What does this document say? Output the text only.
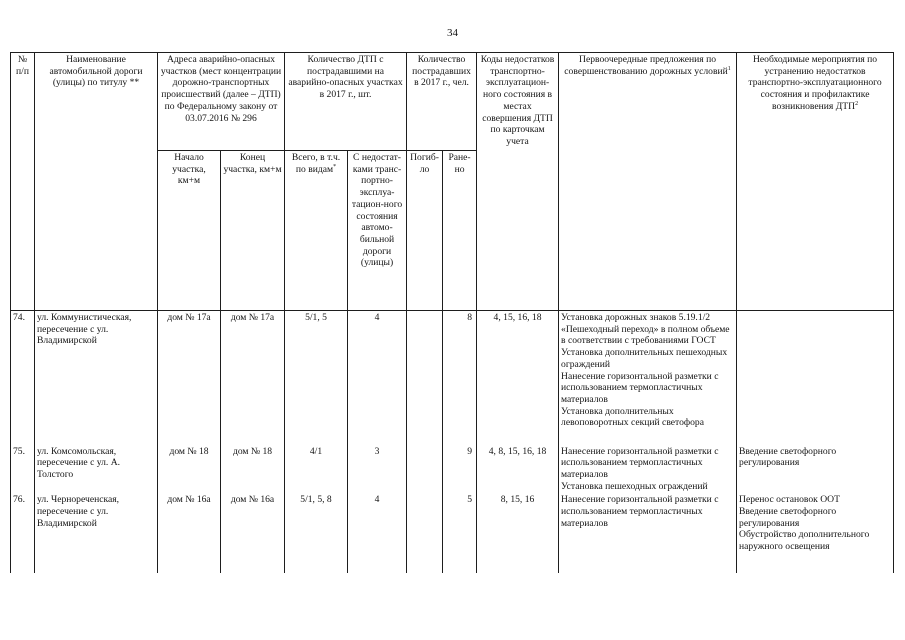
34
№ п/п	Наименование автомобильной дороги (улицы) по титулу **	Адреса аварийно-опасных участков (мест концентрации дорожно-транспортных происшествий (далее – ДТП) по Федеральному закону от 03.07.2016 № 296		Количество ДТП с пострадавшими на аварийно-опасных участках в 2017 г., шт.		Количество пострадавших в 2017 г., чел.		Коды недостатков транспортно-эксплуатацион-ного состояния в местах совершения ДТП по карточкам учета	Первоочередные предложения по совершенствованию дорожных условий$^1$	Необходимые мероприятия по устранению недостатков транспортно-эксплуатационного состояния и профилактике возникновения ДТП$^2$
		Начало участка, км+м	Конец участка, км+м	Всего, в т.ч. по видам*	С недостат-ками транс-портно-эксплуа-тацион-ного состояния автомо-бильной дороги (улицы)	Погиб-ло	Ране-но			
74.	ул. Коммунистическая, пересечение с ул. Владимирской	дом № 17а	дом № 17а	5/1, 5	4		8	4, 15, 16, 18	Установка дорожных знаков 5.19.1/2 «Пешеходный переход» в полном объеме в соответствии с требованиями ГОСТ
Установка дополнительных пешеходных ограждений
Нанесение горизонтальной разметки с использованием термопластичных материалов
Установка дополнительных левоповоротных секций светофора	
75.	ул. Комсомольская, пересечение с ул. А. Толстого	дом № 18	дом № 18	4/1	3		9	4, 8, 15, 16, 18	Нанесение горизонтальной разметки с использованием термопластичных материалов
Установка пешеходных ограждений	Введение светофорного регулирования
76.	ул. Чернореченская, пересечение с ул. Владимирской	дом № 16а	дом № 16а	5/1, 5, 8	4		5	8, 15, 16	Нанесение горизонтальной разметки с использованием термопластичных материалов	Перенос остановок ООТ
Введение светофорного регулирования
Обустройство дополнительного наружного освещения
